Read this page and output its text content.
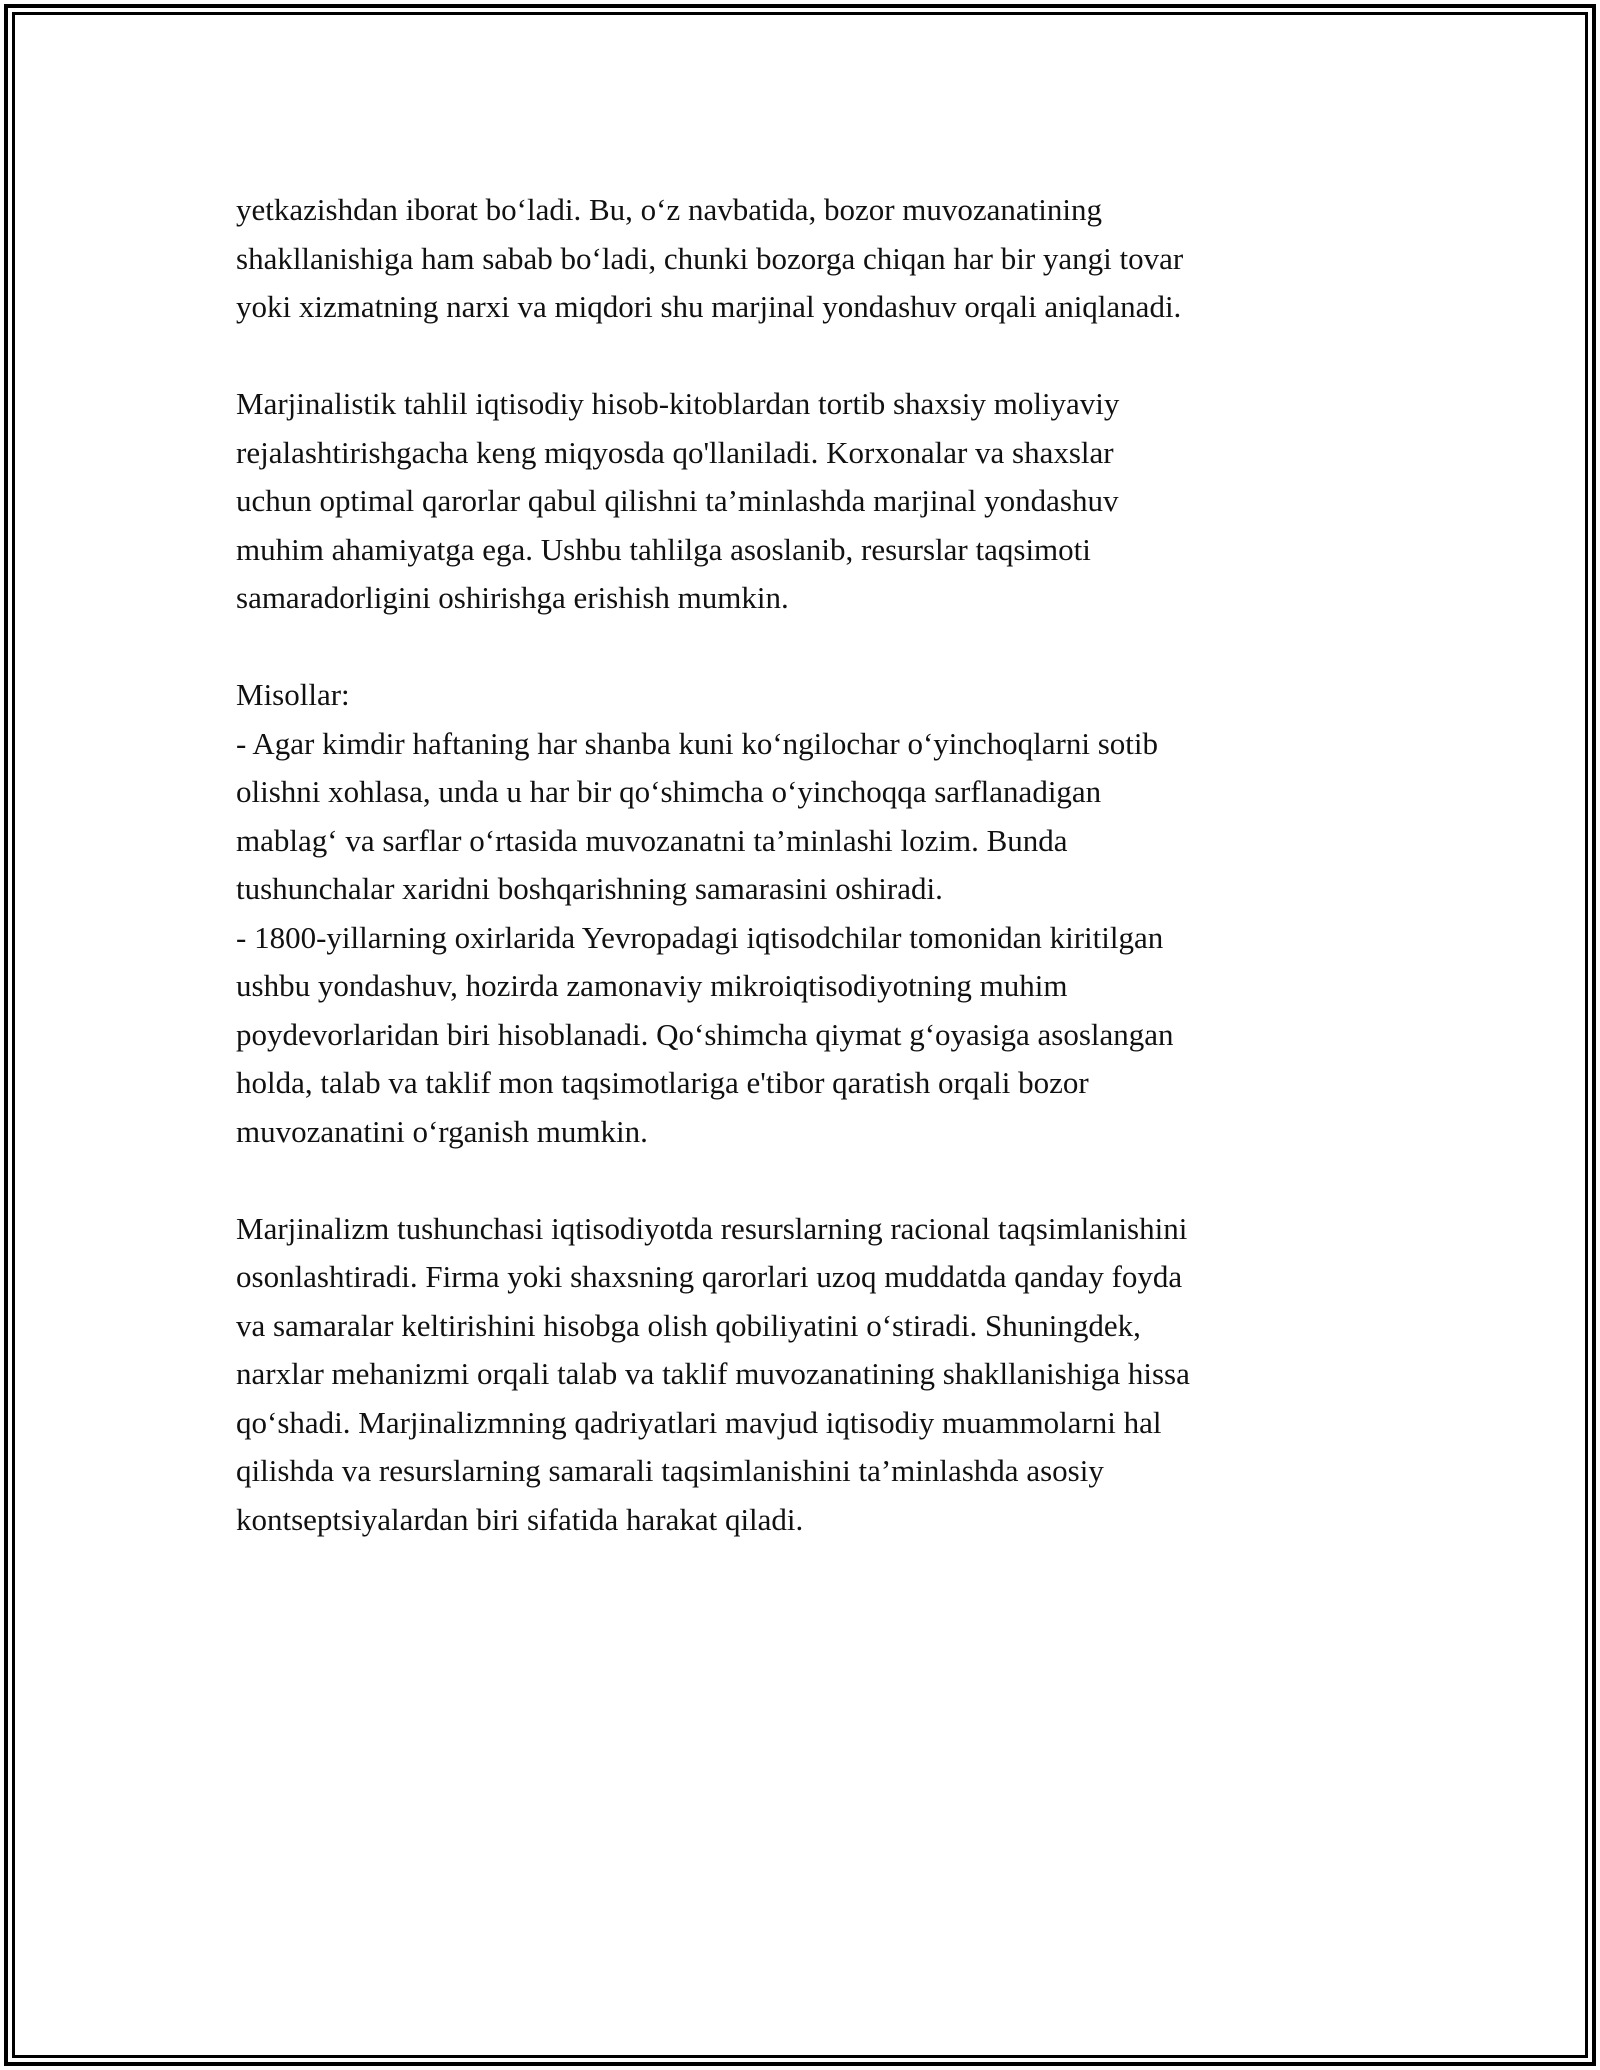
yetkazishdan iborat boʻladi. Bu, oʻz navbatida, bozor muvozanatining
shakllanishiga ham sabab boʻladi, chunki bozorga chiqan har bir yangi tovar
yoki xizmatning narxi va miqdori shu marjinal yondashuv orqali aniqlanadi.

Marjinalistik tahlil iqtisodiy hisob-kitoblardan tortib shaxsiy moliyaviy
rejalashtirishgacha keng miqyosda qo'llaniladi. Korxonalar va shaxslar
uchun optimal qarorlar qabul qilishni ta’minlashda marjinal yondashuv
muhim ahamiyatga ega. Ushbu tahlilga asoslanib, resurslar taqsimoti
samaradorligini oshirishga erishish mumkin.

Misollar:
- Agar kimdir haftaning har shanba kuni koʻngilochar oʻyinchoqlarni sotib
olishni xohlasa, unda u har bir qoʻshimcha oʻyinchoqqa sarflanadigan
mablagʻ va sarflar oʻrtasida muvozanatni ta’minlashi lozim. Bunda
tushunchalar xaridni boshqarishning samarasini oshiradi.
- 1800-yillarning oxirlarida Yevropadagi iqtisodchilar tomonidan kiritilgan
ushbu yondashuv, hozirda zamonaviy mikroiqtisodiyotning muhim
poydevorlaridan biri hisoblanadi. Qoʻshimcha qiymat gʻoyasiga asoslangan
holda, talab va taklif mon taqsimotlariga e'tibor qaratish orqali bozor
muvozanatini oʻrganish mumkin.

Marjinalizm tushunchasi iqtisodiyotda resurslarning racional taqsimlanishini
osonlashtiradi. Firma yoki shaxsning qarorlari uzoq muddatda qanday foyda
va samaralar keltirishini hisobga olish qobiliyatini oʻstiradi. Shuningdek,
narxlar mehanizmi orqali talab va taklif muvozanatining shakllanishiga hissa
qoʻshadi. Marjinalizmning qadriyatlari mavjud iqtisodiy muammolarni hal
qilishda va resurslarning samarali taqsimlanishini ta’minlashda asosiy
kontseptsiyalardan biri sifatida harakat qiladi.
